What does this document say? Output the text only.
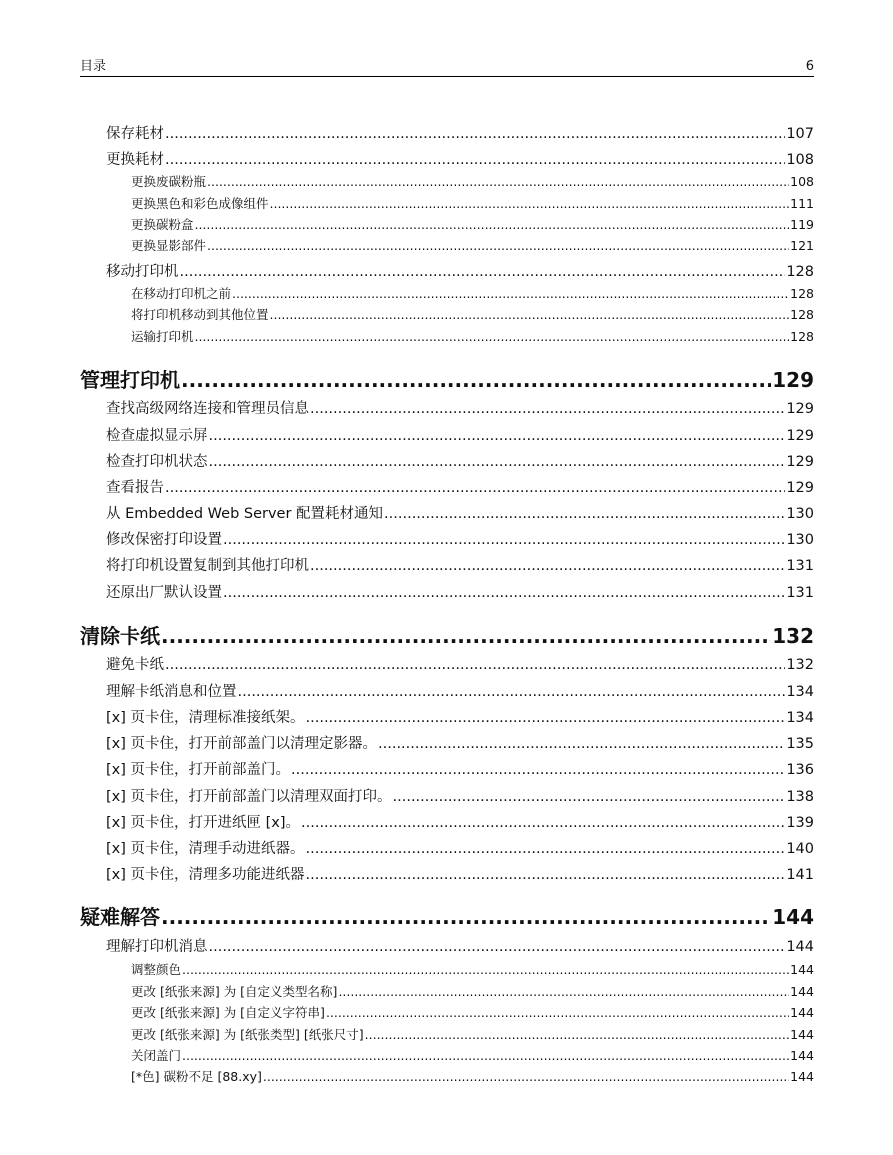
目录	6
保存耗材 .....	107
更换耗材 .....	108
更换废碳粉瓶 .....	108
更换黑色和彩色成像组件 .....	111
更换碳粉盒 .....	119
更换显影部件 .....	121
移动打印机 .....	128
在移动打印机之前 .....	128
将打印机移动到其他位置 .....	128
运输打印机 .....	128
管理打印机 .....	129
查找高级网络连接和管理员信息 .....	129
检查虚拟显示屏 .....	129
检查打印机状态 .....	129
查看报告 .....	129
从 Embedded Web Server 配置耗材通知 .....	130
修改保密打印设置 .....	130
将打印机设置复制到其他打印机 .....	131
还原出厂默认设置 .....	131
清除卡纸 .....	132
避免卡纸 .....	132
理解卡纸消息和位置 .....	134
[x] 页卡住，清理标准接纸架。 .....	134
[x] 页卡住，打开前部盖门以清理定影器。 .....	135
[x] 页卡住，打开前部盖门。 .....	136
[x] 页卡住，打开前部盖门以清理双面打印。 .....	138
[x] 页卡住，打开进纸匣 [x]。 .....	139
[x] 页卡住，清理手动进纸器。 .....	140
[x] 页卡住，清理多功能进纸器 .....	141
疑难解答 .....	144
理解打印机消息 .....	144
调整颜色 .....	144
更改 [纸张来源] 为 [自定义类型名称] .....	144
更改 [纸张来源] 为 [自定义字符串] .....	144
更改 [纸张来源] 为 [纸张类型] [纸张尺寸] .....	144
关闭盖门 .....	144
[*色] 碳粉不足 [88.xy] .....	144
